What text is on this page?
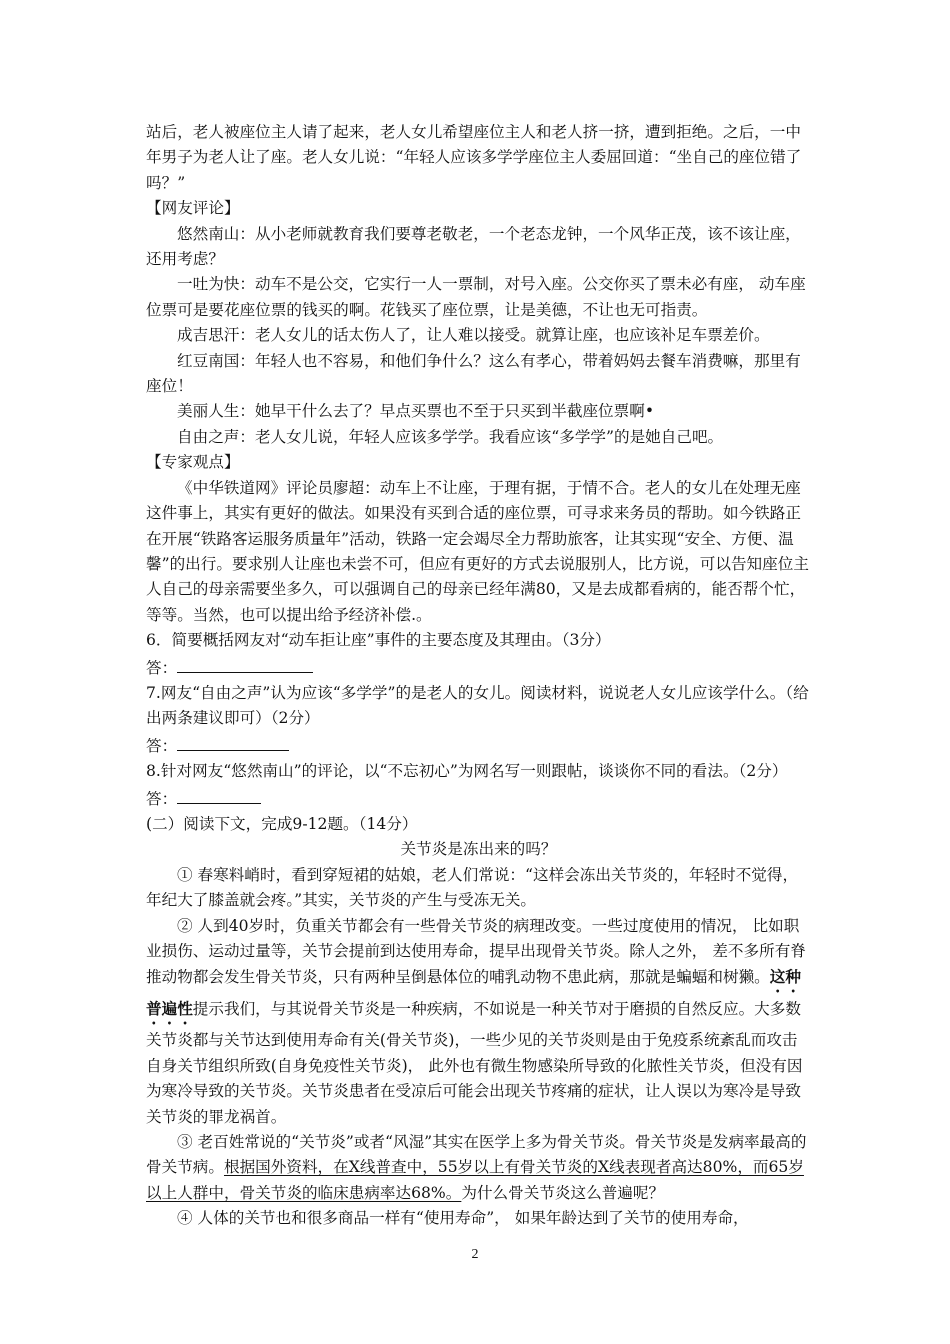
站后，老人被座位主人请了起来，老人女儿希望座位主人和老人挤一挤，遭到拒绝。之后，一中年男子为老人让了座。老人女儿说：“年轻人应该多学学座位主人委屈回道：“坐自己的座位错了吗？”

【网友评论】

悠然南山：从小老师就教育我们要尊老敬老，一个老态龙钟，一个风华正茂，该不该让座，还用考虑？

一吐为快：动车不是公交，它实行一人一票制，对号入座。公交你买了票未必有座， 动车座位票可是要花座位票的钱买的啊。花钱买了座位票，让是美德，不让也无可指责。

成吉思汗：老人女儿的话太伤人了，让人难以接受。就算让座，也应该补足车票差价。

红豆南国：年轻人也不容易，和他们争什么？这么有孝心，带着妈妈去餐车消费嘛，那里有座位！

美丽人生：她早干什么去了？早点买票也不至于只买到半截座位票啊•

自由之声：老人女儿说，年轻人应该多学学。我看应该“多学学”的是她自己吧。

【专家观点】

《中华铁道网》评论员廖超：动车上不让座，于理有据，于情不合。老人的女儿在处理无座这件事上，其实有更好的做法。如果没有买到合适的座位票，可寻求来务员的帮助。如今铁路正在开展“铁路客运服务质量年”活动，铁路一定会竭尽全力帮助旅客，让其实现“安全、方便、温馨”的出行。要求别人让座也未尝不可，但应有更好的方式去说服别人，比方说，可以告知座位主人自己的母亲需要坐多久，可以强调自己的母亲已经年满80，又是去成都看病的，能否帮个忙，等等。当然，也可以提出给予经济补偿.。

6．简要概括网友对“动车拒让座”事件的主要态度及其理由。（3分）

答：

7.网友“自由之声”认为应该“多学学”的是老人的女儿。阅读材料，说说老人女儿应该学什么。（给出两条建议即可）（2分）

答：

8.针对网友“悠然南山”的评论，以“不忘初心”为网名写一则跟帖，谈谈你不同的看法。（2分）

答：

(二）阅读下文，完成9-12题。（14分）

关节炎是冻出来的吗？

① 春寒料峭时，看到穿短裙的姑娘，老人们常说：“这样会冻出关节炎的，年轻时不觉得，年纪大了膝盖就会疼。”其实，关节炎的产生与受冻无关。

② 人到40岁时，负重关节都会有一些骨关节炎的病理改变。一些过度使用的情况， 比如职业损伤、运动过量等，关节会提前到达使用寿命，提早出现骨关节炎。除人之外， 差不多所有脊推动物都会发生骨关节炎，只有两种呈倒悬体位的哺乳动物不患此病，那就是蝙蝠和树獭。这种普遍性提示我们，与其说骨关节炎是一种疾病，不如说是一种关节对于磨损的自然反应。大多数关节炎都与关节达到使用寿命有关(骨关节炎)，一些少见的关节炎则是由于免疫系统紊乱而攻击自身关节组织所致(自身免疫性关节炎)， 此外也有微生物感染所导致的化脓性关节炎，但没有因为寒冷导致的关节炎。关节炎患者在受凉后可能会出现关节疼痛的症状，让人误以为寒冷是导致关节炎的罪龙祸首。

③ 老百姓常说的“关节炎”或者“风湿”其实在医学上多为骨关节炎。骨关节炎是发病率最高的骨关节病。根据国外资料，在X线普查中，55岁以上有骨关节炎的X线表现者高达80%，而65岁以上人群中，骨关节炎的临床患病率达68%。为什么骨关节炎这么普遍呢？

④ 人体的关节也和很多商品一样有“使用寿命”， 如果年龄达到了关节的使用寿命，

2
